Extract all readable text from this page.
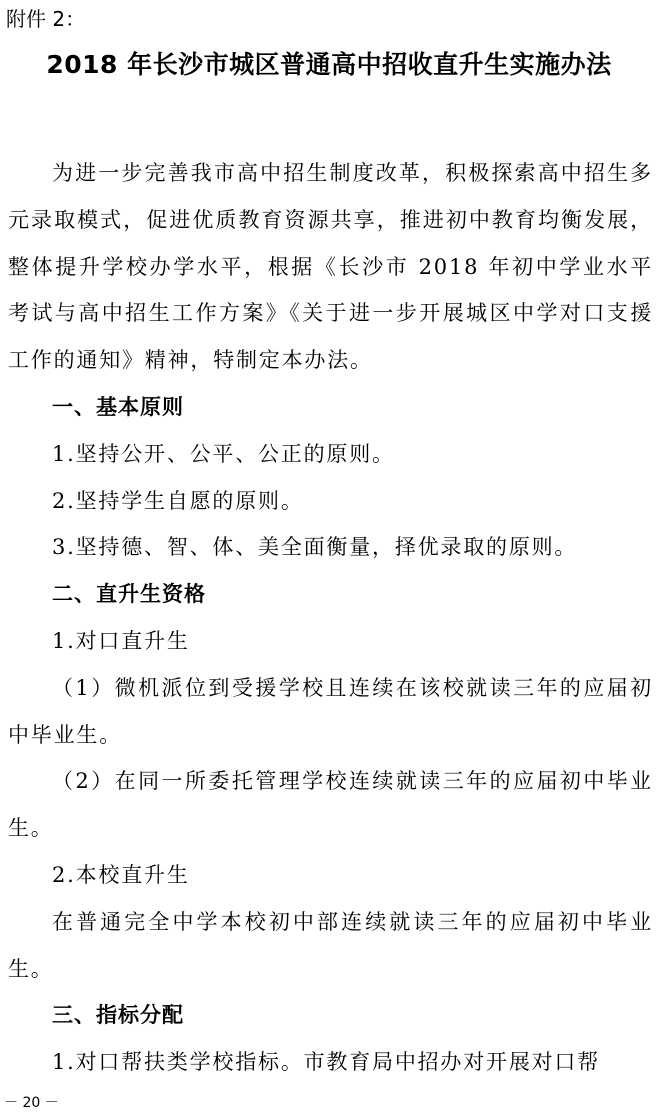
附件 2：
2018 年长沙市城区普通高中招收直升生实施办法

为进一步完善我市高中招生制度改革，积极探索高中招生多元录取模式，促进优质教育资源共享，推进初中教育均衡发展，整体提升学校办学水平，根据《长沙市 2018 年初中学业水平考试与高中招生工作方案》《关于进一步开展城区中学对口支援工作的通知》精神，特制定本办法。

一、基本原则

1.坚持公开、公平、公正的原则。

2.坚持学生自愿的原则。

3.坚持德、智、体、美全面衡量，择优录取的原则。

二、直升生资格

1.对口直升生

（1）微机派位到受援学校且连续在该校就读三年的应届初中毕业生。

（2）在同一所委托管理学校连续就读三年的应届初中毕业生。

2.本校直升生

在普通完全中学本校初中部连续就读三年的应届初中毕业生。

三、指标分配

1.对口帮扶类学校指标。市教育局中招办对开展对口帮

－ 20 －
